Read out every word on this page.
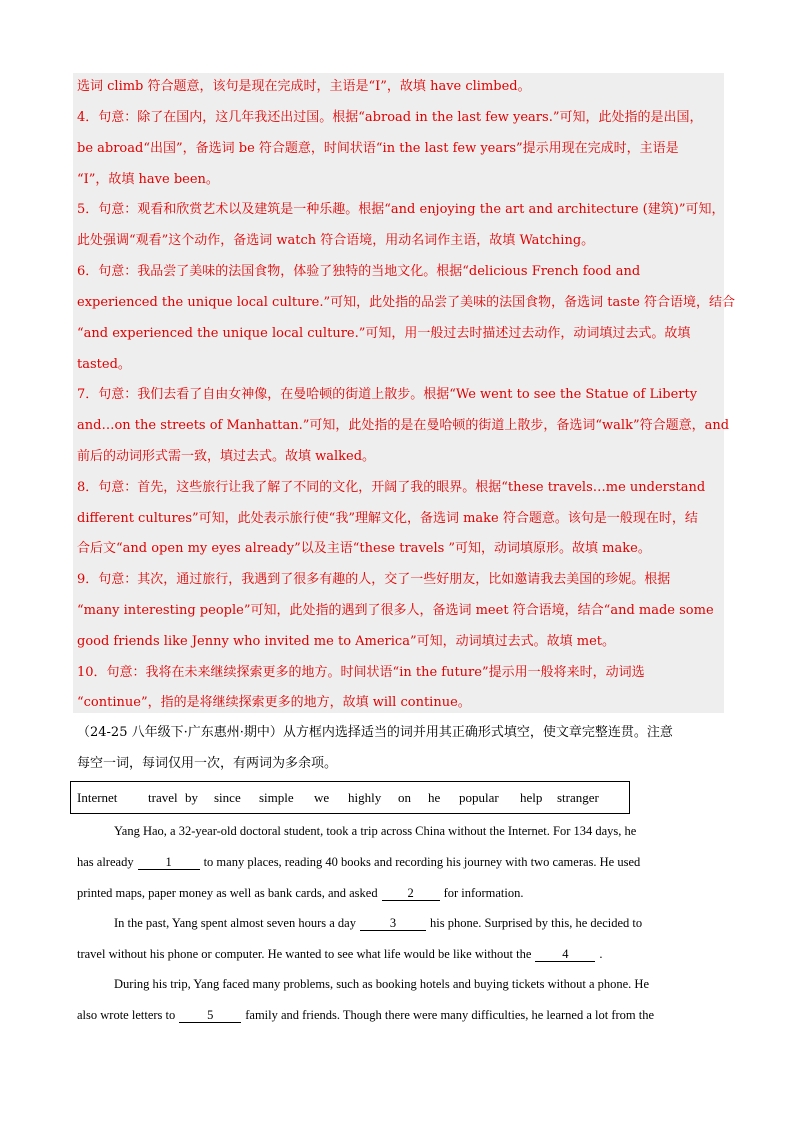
选词 climb 符合题意，该句是现在完成时，主语是“I”，故填 have climbed。
4．句意：除了在国内，这几年我还出过国。根据“abroad in the last few years.”可知，此处指的是出国，
be abroad“出国”，备选词 be 符合题意，时间状语“in the last few years”提示用现在完成时，主语是
“I”，故填 have been。
5．句意：观看和欣赏艺术以及建筑是一种乐趣。根据“and enjoying the art and architecture (建筑)”可知，
此处强调“观看”这个动作，备选词 watch 符合语境，用动名词作主语，故填 Watching。
6．句意：我品尝了美味的法国食物，体验了独特的当地文化。根据“delicious French food and
experienced the unique local culture.”可知，此处指的品尝了美味的法国食物，备选词 taste 符合语境，结合
“and experienced the unique local culture.”可知，用一般过去时描述过去动作，动词填过去式。故填
tasted。
7．句意：我们去看了自由女神像，在曼哈顿的街道上散步。根据“We went to see the Statue of Liberty
and…on the streets of Manhattan.”可知，此处指的是在曼哈顿的街道上散步，备选词“walk”符合题意，and
前后的动词形式需一致，填过去式。故填 walked。
8．句意：首先，这些旅行让我了解了不同的文化，开阔了我的眼界。根据“these travels…me understand
different cultures”可知，此处表示旅行使“我”理解文化，备选词 make 符合题意。该句是一般现在时，结
合后文“and open my eyes already”以及主语“these travels ”可知，动词填原形。故填 make。
9．句意：其次，通过旅行，我遇到了很多有趣的人，交了一些好朋友，比如邀请我去美国的珍妮。根据
“many interesting people”可知，此处指的遇到了很多人，备选词 meet 符合语境，结合“and made some
good friends like Jenny who invited me to America”可知，动词填过去式。故填 met。
10．句意：我将在未来继续探索更多的地方。时间状语“in the future”提示用一般将来时，动词选
“continue”，指的是将继续探索更多的地方，故填 will continue。
（24-25 八年级下·广东惠州·期中）从方框内选择适当的词并用其正确形式填空，使文章完整连贯。注意
每空一词，每词仅用一次，有两词为多余项。
Internet travel by since simple we highly on he popular help stranger
Yang Hao, a 32-year-old doctoral student, took a trip across China without the Internet. For 134 days, he
has already	1	to many places, reading 40 books and recording his journey with two cameras. He used
printed maps, paper money as well as bank cards, and asked 2 for information.
In the past, Yang spent almost seven hours a day	3	his phone. Surprised by this, he decided to
travel without his phone or computer. He wanted to see what life would be like without the 4 .
During his trip, Yang faced many problems, such as booking hotels and buying tickets without a phone. He
also wrote letters to	5	family and friends. Though there were many difficulties, he learned a lot from the
